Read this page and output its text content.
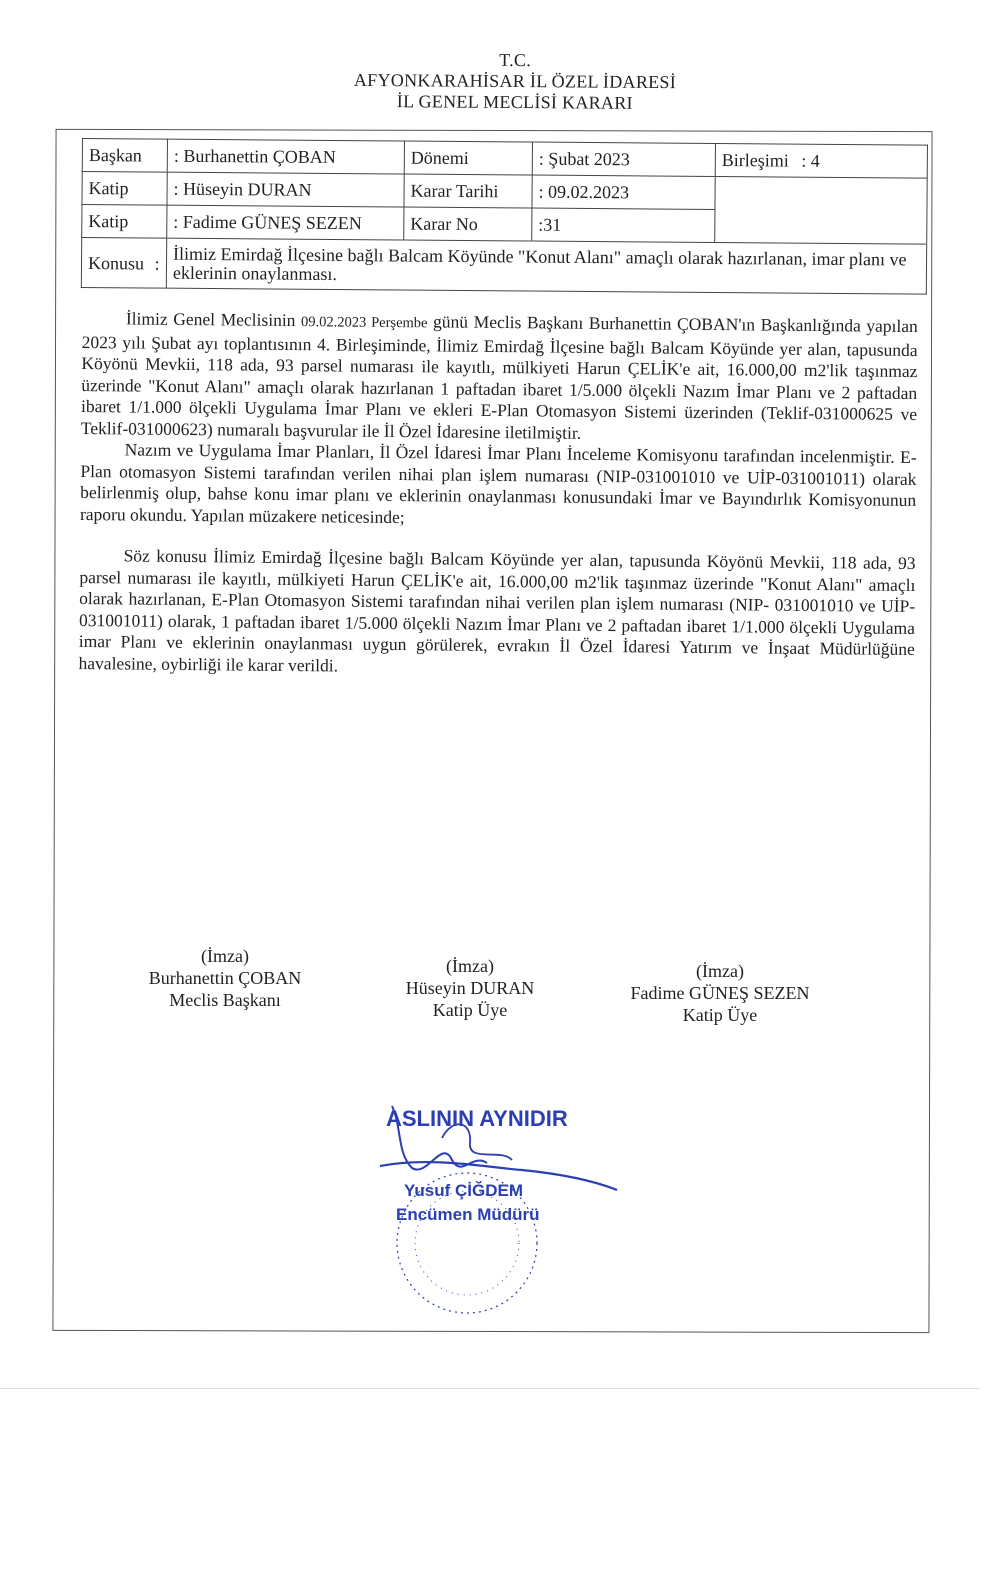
T.C.
AFYONKARAHİSAR İL ÖZEL İDARESİ
İL GENEL MECLİSİ KARARI
Başkan	: Burhanettin ÇOBAN	Dönemi	: Şubat 2023	Birleşimi : 4
Katip	: Hüseyin DURAN	Karar Tarihi	: 09.02.2023	
Katip	: Fadime GÜNEŞ SEZEN	Karar No	:31	
Konusu :	İlimiz Emirdağ İlçesine bağlı Balcam Köyünde "Konut Alanı" amaçlı olarak hazırlanan, imar planı ve eklerinin onaylanması.			

İlimiz Genel Meclisinin 09.02.2023 Perşembe günü Meclis Başkanı Burhanettin ÇOBAN'ın Başkanlığında yapılan 2023 yılı Şubat ayı toplantısının 4. Birleşiminde, İlimiz Emirdağ İlçesine bağlı Balcam Köyünde yer alan, tapusunda Köyönü Mevkii, 118 ada, 93 parsel numarası ile kayıtlı, mülkiyeti Harun ÇELİK'e ait, 16.000,00 m2'lik taşınmaz üzerinde "Konut Alanı" amaçlı olarak hazırlanan 1 paftadan ibaret 1/5.000 ölçekli Nazım İmar Planı ve 2 paftadan ibaret 1/1.000 ölçekli Uygulama İmar Planı ve ekleri E-Plan Otomasyon Sistemi üzerinden (Teklif-031000625 ve Teklif-031000623) numaralı başvurular ile İl Özel İdaresine iletilmiştir.

Nazım ve Uygulama İmar Planları, İl Özel İdaresi İmar Planı İnceleme Komisyonu tarafından incelenmiştir. E-Plan otomasyon Sistemi tarafından verilen nihai plan işlem numarası (NIP-031001010 ve UİP-031001011) olarak belirlenmiş olup, bahse konu imar planı ve eklerinin onaylanması konusundaki İmar ve Bayındırlık Komisyonunun raporu okundu. Yapılan müzakere neticesinde;

Söz konusu İlimiz Emirdağ İlçesine bağlı Balcam Köyünde yer alan, tapusunda Köyönü Mevkii, 118 ada, 93 parsel numarası ile kayıtlı, mülkiyeti Harun ÇELİK'e ait, 16.000,00 m2'lik taşınmaz üzerinde "Konut Alanı" amaçlı olarak hazırlanan, E-Plan Otomasyon Sistemi tarafından nihai verilen plan işlem numarası (NIP- 031001010 ve UİP-031001011) olarak, 1 paftadan ibaret 1/5.000 ölçekli Nazım İmar Planı ve 2 paftadan ibaret 1/1.000 ölçekli Uygulama imar Planı ve eklerinin onaylanması uygun görülerek, evrakın İl Özel İdaresi Yatırım ve İnşaat Müdürlüğüne havalesine, oybirliği ile karar verildi.

(İmza)
Burhanettin ÇOBAN
Meclis Başkanı
(İmza)
Hüseyin DURAN
Katip Üye
(İmza)
Fadime GÜNEŞ SEZEN
Katip Üye
ASLININ AYNIDIR
Yusuf ÇİĞDEM
Encümen Müdürü
